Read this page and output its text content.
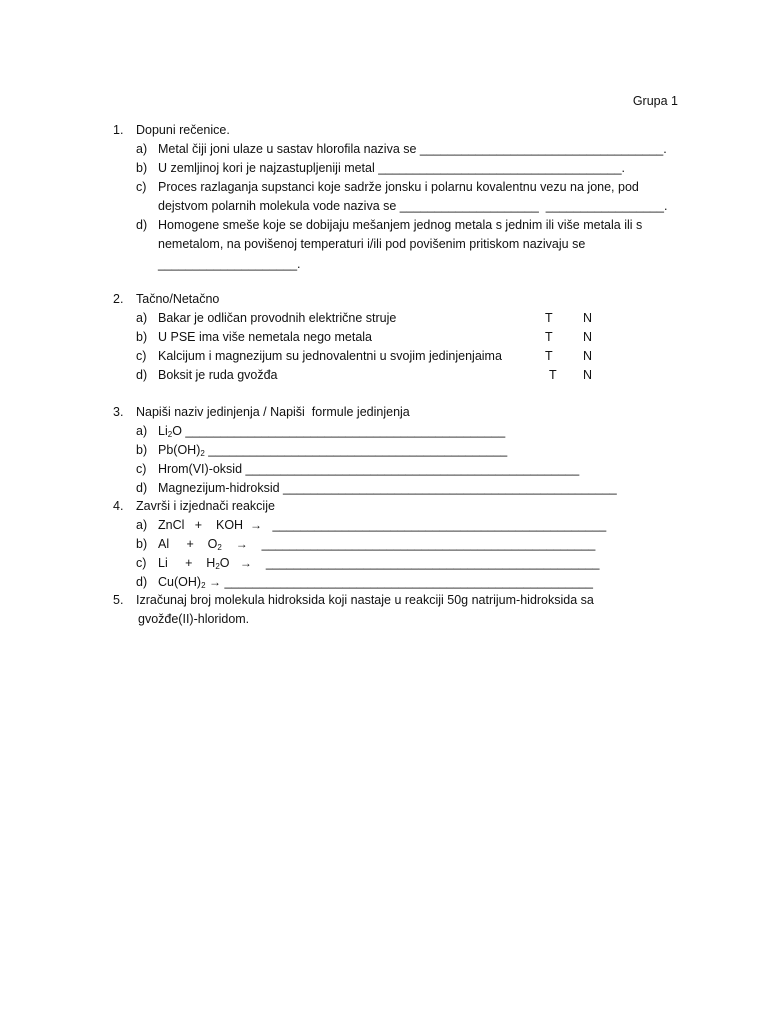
Grupa 1
1. Dopuni rečenice.
a) Metal čiji joni ulaze u sastav hlorofila naziva se ___________________________________.
b) U zemljinoj kori je najzastupljeniji metal ___________________________________.
c) Proces razlaganja supstanci koje sadrže jonsku i polarnu kovalentnu vezu na jone, pod
dejstvom polarnih molekula vode naziva se ____________________  _________________.
d) Homogene smeše koje se dobijaju mešanjem jednog metala s jednim ili više metala ili s
nemetalom, na povišenoj temperaturi i/ili pod povišenim pritiskom nazivaju se
____________________.
2. Tačno/Netačno
a) Bakar je odličan provodnih električne struje	T N
b) U PSE ima više nemetala nego metala	T N
c) Kalcijum i magnezijum su jednovalentni u svojim jedinjenjaima	T N
d) Boksit je ruda gvožđa	T N
3. Napiši naziv jedinjenja / Napiši  formule jedinjenja
a) $Li_2O$ ______________________________________________
b) $Pb(OH)_2$ ___________________________________________
c) Hrom(VI)-oksid ________________________________________________
d) Magnezijum-hidroksid ________________________________________________
4. Završi i izjednači reakcije
a) ZnCl   +    KOH  →   ________________________________________________
b) Al     +    $O_2$ →    ________________________________________________
c) Li     +    $H_2O$   →    ________________________________________________
d) $Cu(OH)_2$ → _____________________________________________________
5. Izračunaj broj molekula hidroksida koji nastaje u reakciji 50g natrijum-hidroksida sa
gvožđe(II)-hloridom.
